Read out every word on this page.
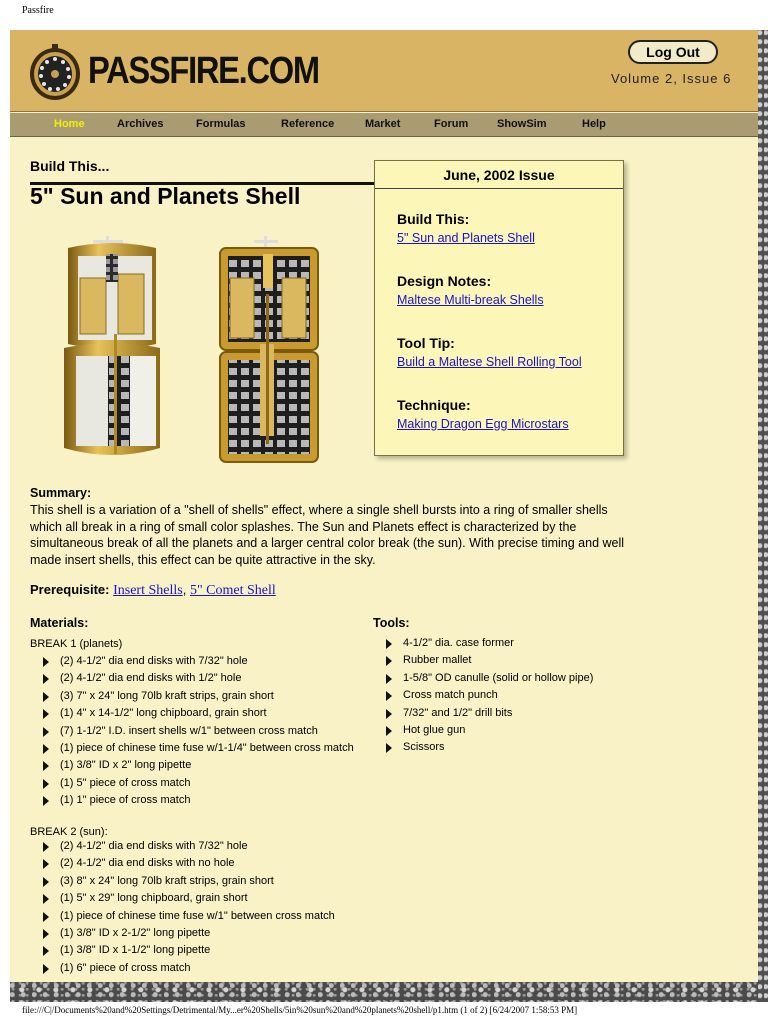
Passfire
PASSFIRE.COM	Log Out
Volume 2, Issue 6
Home	Archives	Formulas	Reference	Market	Forum	ShowSim	Help
Build This...
5" Sun and Planets Shell
June, 2002 Issue
Build This:
5" Sun and Planets Shell
Design Notes:
Maltese Multi-break Shells
Tool Tip:
Build a Maltese Shell Rolling Tool
Technique:
Making Dragon Egg Microstars
Summary:
This shell is a variation of a "shell of shells" effect, where a single shell bursts into a ring of smaller shells which all break in a ring of small color splashes. The Sun and Planets effect is characterized by the simultaneous break of all the planets and a larger central color break (the sun). With precise timing and well made insert shells, this effect can be quite attractive in the sky.
Prerequisite: Insert Shells, 5" Comet Shell
Materials:	Tools:
BREAK 1 (planets)
(2) 4-1/2" dia end disks with 7/32" hole
(2) 4-1/2" dia end disks with 1/2" hole
(3) 7" x 24" long 70lb kraft strips, grain short
(1) 4" x 14-1/2" long chipboard, grain short
(7) 1-1/2" I.D. insert shells w/1" between cross match
(1) piece of chinese time fuse w/1-1/4" between cross match
(1) 3/8" ID x 2" long pipette
(1) 5" piece of cross match
(1) 1" piece of cross match
BREAK 2 (sun):
(2) 4-1/2" dia end disks with 7/32" hole
(2) 4-1/2" dia end disks with no hole
(3) 8" x 24" long 70lb kraft strips, grain short
(1) 5" x 29" long chipboard, grain short
(1) piece of chinese time fuse w/1" between cross match
(1) 3/8" ID x 2-1/2" long pipette
(1) 3/8" ID x 1-1/2" long pipette
(1) 6" piece of cross match
4-1/2" dia. case former
Rubber mallet
1-5/8" OD canulle (solid or hollow pipe)
Cross match punch
7/32" and 1/2" drill bits
Hot glue gun
Scissors
file:///C|/Documents%20and%20Settings/Detrimental/My...er%20Shells/5in%20sun%20and%20planets%20shell/p1.htm (1 of 2) [6/24/2007 1:58:53 PM]
